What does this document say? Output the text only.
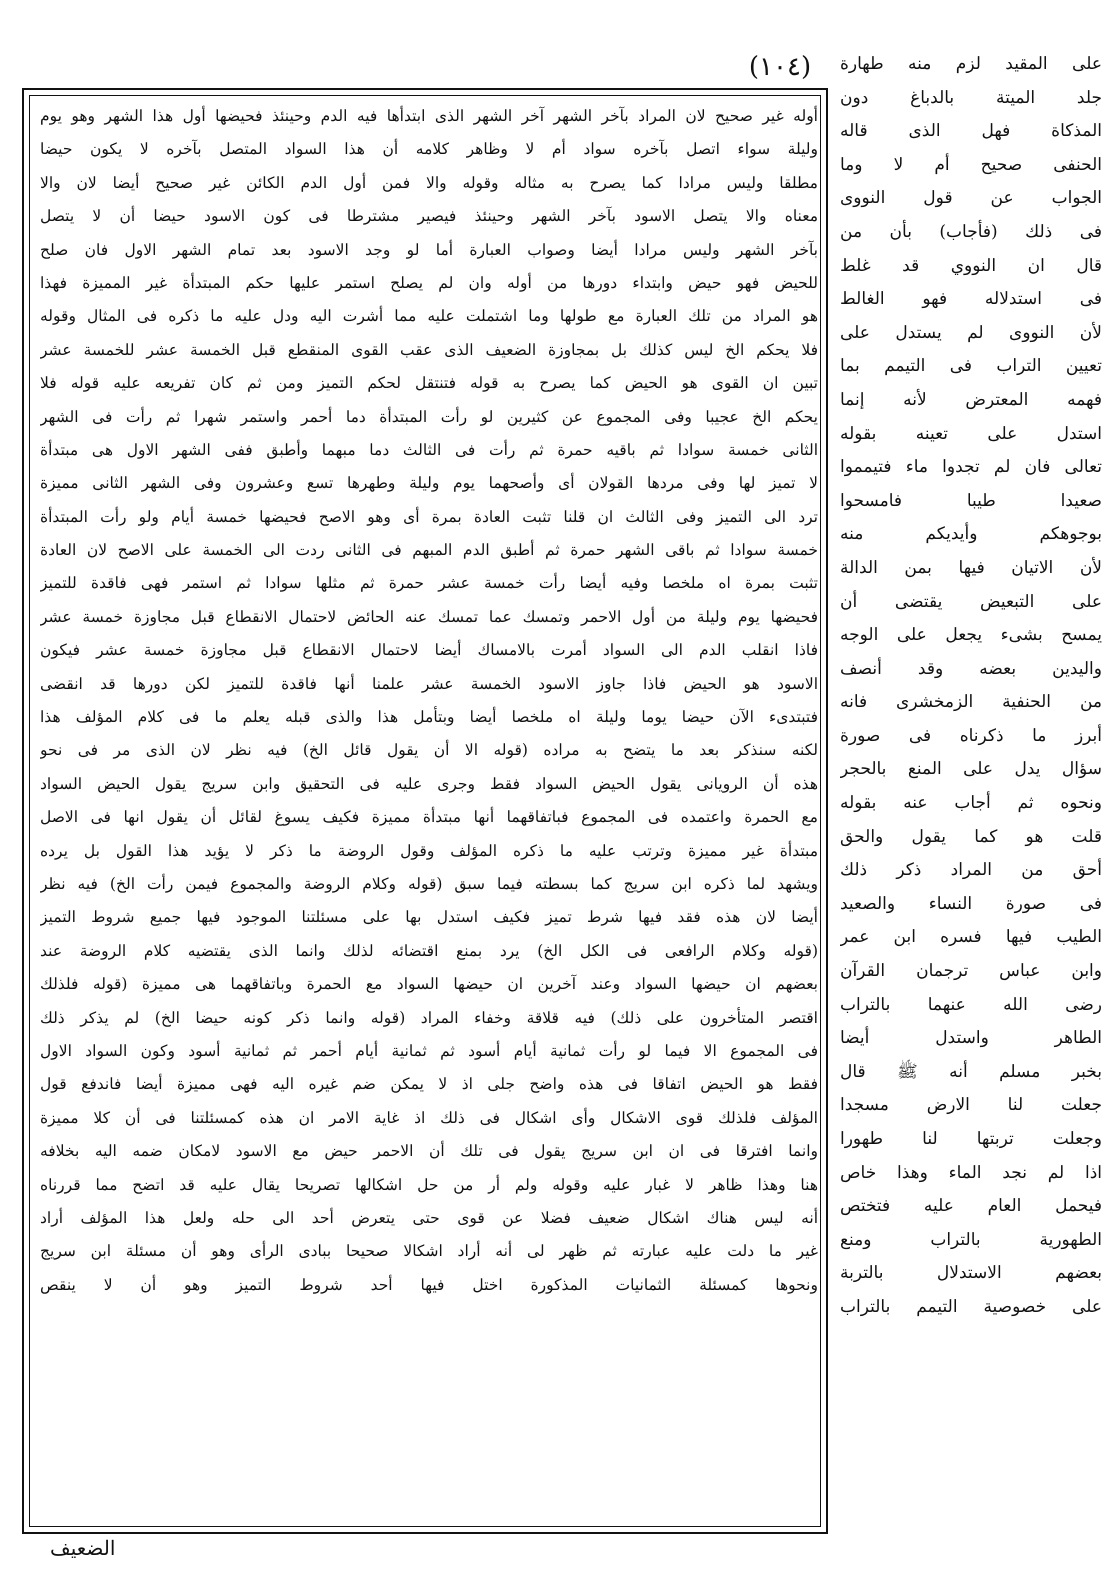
(١٠٤)
أوله غير صحيح لان المراد بآخر الشهر آخر الشهر الذى ابتدأها فيه الدم وحينئذ فحيضها أول هذا الشهر وهو يوم
وليلة سواء اتصل بآخره سواد أم لا وظاهر كلامه أن هذا السواد المتصل بآخره لا يكون حيضا
مطلقا وليس مرادا كما يصرح به مثاله وقوله والا فمن أول الدم الكائن غير صحيح أيضا لان والا
معناه والا يتصل الاسود بآخر الشهر وحينئذ فيصير مشترطا فى كون الاسود حيضا أن لا يتصل
بآخر الشهر وليس مرادا أيضا وصواب العبارة أما لو وجد الاسود بعد تمام الشهر الاول فان صلح
للحيض فهو حيض وابتداء دورها من أوله وان لم يصلح استمر عليها حكم المبتدأة غير المميزة فهذا
هو المراد من تلك العبارة مع طولها وما اشتملت عليه مما أشرت اليه ودل عليه ما ذكره فى المثال وقوله
فلا يحكم الخ ليس كذلك بل بمجاوزة الضعيف الذى عقب القوى المنقطع قبل الخمسة عشر للخمسة عشر
تبين ان القوى هو الحيض كما يصرح به قوله فتنتقل لحكم التميز ومن ثم كان تفريعه عليه قوله فلا
يحكم الخ عجيبا وفى المجموع عن كثيرين لو رأت المبتدأة دما أحمر واستمر شهرا ثم رأت فى الشهر
الثانى خمسة سوادا ثم باقيه حمرة ثم رأت فى الثالث دما مبهما وأطبق ففى الشهر الاول هى مبتدأة
لا تميز لها وفى مردها القولان أى وأصحهما يوم وليلة وطهرها تسع وعشرون وفى الشهر الثانى مميزة
ترد الى التميز وفى الثالث ان قلنا تثبت العادة بمرة أى وهو الاصح فحيضها خمسة أيام ولو رأت المبتدأة
خمسة سوادا ثم باقى الشهر حمرة ثم أطبق الدم المبهم فى الثانى ردت الى الخمسة على الاصح لان العادة
تثبت بمرة اه ملخصا وفيه أيضا رأت خمسة عشر حمرة ثم مثلها سوادا ثم استمر فهى فاقدة للتميز
فحيضها يوم وليلة من أول الاحمر وتمسك عما تمسك عنه الحائض لاحتمال الانقطاع قبل مجاوزة خمسة عشر
فاذا انقلب الدم الى السواد أمرت بالامساك أيضا لاحتمال الانقطاع قبل مجاوزة خمسة عشر فيكون
الاسود هو الحيض فاذا جاوز الاسود الخمسة عشر علمنا أنها فاقدة للتميز لكن دورها قد انقضى
فتبتدىء الآن حيضا يوما وليلة اه ملخصا أيضا وبتأمل هذا والذى قبله يعلم ما فى كلام المؤلف هذا
لكنه سنذكر بعد ما يتضح به مراده (قوله الا أن يقول قائل الخ) فيه نظر لان الذى مر فى نحو
هذه أن الرويانى يقول الحيض السواد فقط وجرى عليه فى التحقيق وابن سريج يقول الحيض السواد
مع الحمرة واعتمده فى المجموع فباتفاقهما أنها مبتدأة مميزة فكيف يسوغ لقائل أن يقول انها فى الاصل
مبتدأة غير مميزة وترتب عليه ما ذكره المؤلف وقول الروضة ما ذكر لا يؤيد هذا القول بل يرده
ويشهد لما ذكره ابن سريج كما بسطته فيما سبق (قوله وكلام الروضة والمجموع فيمن رأت الخ) فيه نظر
أيضا لان هذه فقد فيها شرط تميز فكيف استدل بها على مسئلتنا الموجود فيها جميع شروط التميز
(قوله وكلام الرافعى فى الكل الخ) يرد بمنع اقتضائه لذلك وانما الذى يقتضيه كلام الروضة عند
بعضهم ان حيضها السواد وعند آخرين ان حيضها السواد مع الحمرة وباتفاقهما هى مميزة (قوله فلذلك
اقتصر المتأخرون على ذلك) فيه قلاقة وخفاء المراد (قوله وانما ذكر كونه حيضا الخ) لم يذكر ذلك
فى المجموع الا فيما لو رأت ثمانية أيام أسود ثم ثمانية أيام أحمر ثم ثمانية أسود وكون السواد الاول
فقط هو الحيض اتفاقا فى هذه واضح جلى اذ لا يمكن ضم غيره اليه فهى مميزة أيضا فاندفع قول
المؤلف فلذلك قوى الاشكال وأى اشكال فى ذلك اذ غاية الامر ان هذه كمسئلتنا فى أن كلا مميزة
وانما افترقا فى ان ابن سريج يقول فى تلك أن الاحمر حيض مع الاسود لامكان ضمه اليه بخلافه
هنا وهذا ظاهر لا غبار عليه وقوله ولم أر من حل اشكالها تصريحا يقال عليه قد اتضح مما قررناه
أنه ليس هناك اشكال ضعيف فضلا عن قوى حتى يتعرض أحد الى حله ولعل هذا المؤلف أراد
غير ما دلت عليه عبارته ثم ظهر لى أنه أراد اشكالا صحيحا ببادى الرأى وهو أن مسئلة ابن سريج
ونحوها كمسئلة الثمانيات المذكورة اختل فيها أحد شروط التميز وهو أن لا ينقص
على المقيد لزم منه طهارة
جلد الميتة بالدباغ دون
المذكاة فهل الذى قاله
الحنفى صحيح أم لا وما
الجواب عن قول النووى
فى ذلك (فأجاب) بأن من
قال ان النووي قد غلط
فى استدلاله فهو الغالط
لأن النووى لم يستدل على
تعيين التراب فى التيمم بما
فهمه المعترض لأنه إنما
استدل على تعينه بقوله
تعالى فان لم تجدوا ماء فتيمموا
صعيدا طيبا فامسحوا
بوجوهكم وأيديكم منه
لأن الاتيان فيها بمن الدالة
على التبعيض يقتضى أن
يمسح بشىء يجعل على الوجه
واليدين بعضه وقد أنصف
من الحنفية الزمخشرى فانه
أبرز ما ذكرناه فى صورة
سؤال يدل على المنع بالحجر
ونحوه ثم أجاب عنه بقوله
قلت هو كما يقول والحق
أحق من المراد ذكر ذلك
فى صورة النساء والصعيد
الطيب فيها فسره ابن عمر
وابن عباس ترجمان القرآن
رضى الله عنهما بالتراب
الطاهر واستدل أيضا
بخبر مسلم أنه ﷺ قال
جعلت لنا الارض مسجدا
وجعلت تربتها لنا طهورا
اذا لم نجد الماء وهذا خاص
فيحمل العام عليه فتختص
الطهورية بالتراب ومنع
بعضهم الاستدلال بالتربة
على خصوصية التيمم بالتراب
الضعيف
